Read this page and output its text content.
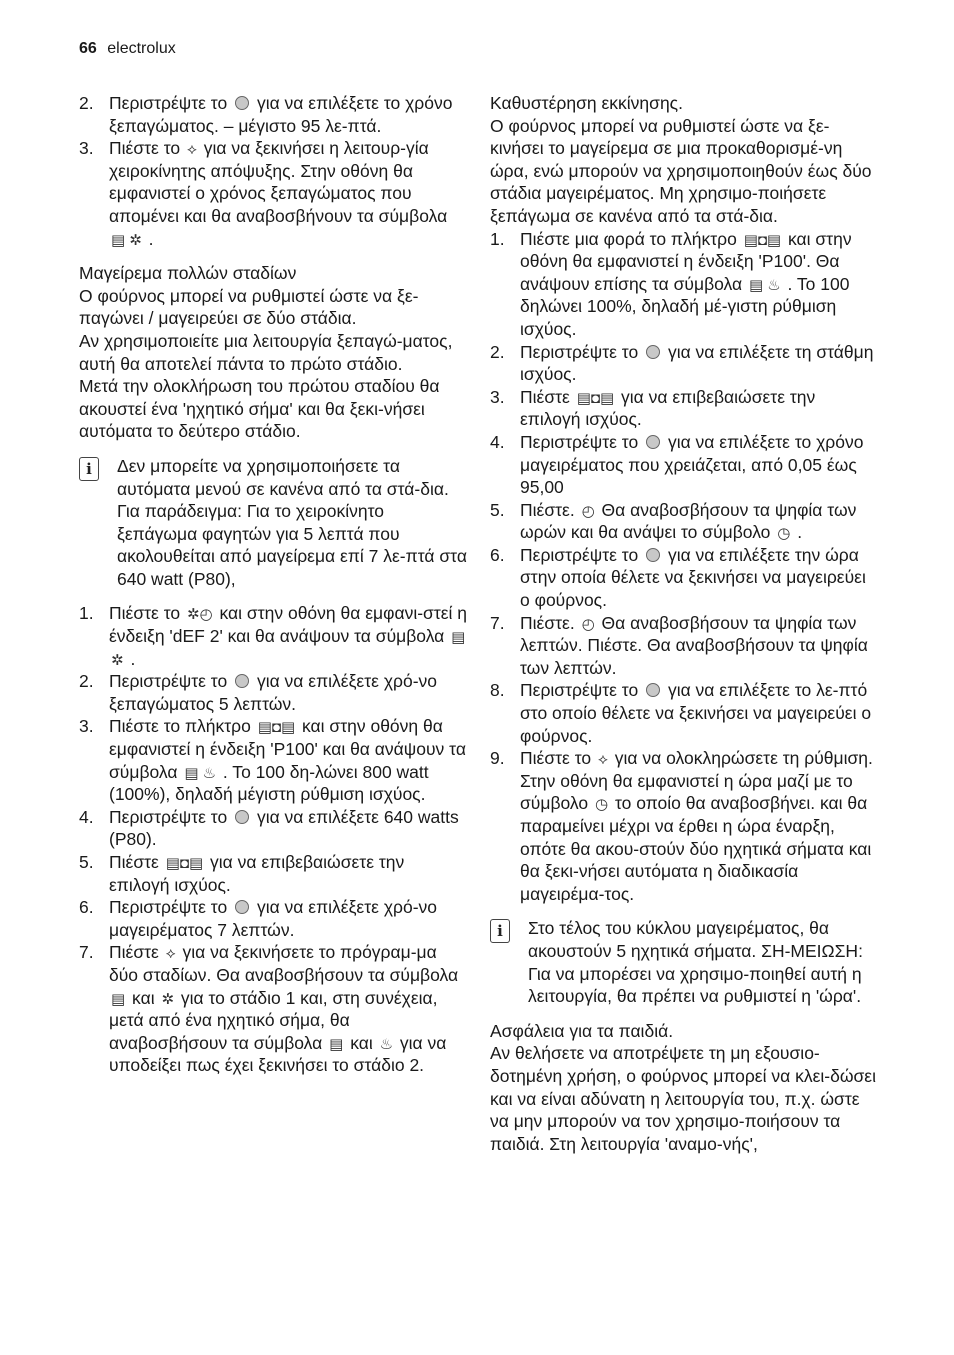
66 electrolux
2. Περιστρέψτε το  για να επιλέξετε το χρόνο ξεπαγώματος. – μέγιστο 95 λε-πτά.
3. Πιέστε το ⟡ για να ξεκινήσει η λειτουρ-γία χειροκίνητης απόψυξης. Στην οθόνη θα εμφανιστεί ο χρόνος ξεπαγώματος που απομένει και θα αναβοσβήνουν τα σύμβολα ▤ ✲ .

Μαγείρεμα πολλών σταδίων

Ο φούρνος μπορεί να ρυθμιστεί ώστε να ξε-παγώνει / μαγειρεύει σε δύο στάδια.

Αν χρησιμοποιείτε μια λειτουργία ξεπαγώ-ματος, αυτή θα αποτελεί πάντα το πρώτο στάδιο.

Μετά την ολοκλήρωση του πρώτου σταδίου θα ακουστεί ένα 'ηχητικό σήμα' και θα ξεκι-νήσει αυτόματα το δεύτερο στάδιο.

i	Δεν μπορείτε να χρησιμοποιήσετε τα αυτόματα μενού σε κανένα από τα στά-δια. Για παράδειγμα: Για το χειροκίνητο ξεπάγωμα φαγητών για 5 λεπτά που ακολουθείται από μαγείρεμα επί 7 λε-πτά στα 640 watt (P80),

1. Πιέστε το ✲◴ και στην οθόνη θα εμφανι-στεί η ένδειξη 'dEF 2' και θα ανάψουν τα σύμβολα ▤✲ .
2. Περιστρέψτε το  για να επιλέξετε χρό-νο ξεπαγώματος 5 λεπτών.
3. Πιέστε το πλήκτρο ▤◘▤ και στην οθόνη θα εμφανιστεί η ένδειξη 'P100' και θα ανάψουν τα σύμβολα ▤ ♨ . Το 100 δη-λώνει 800 watt (100%), δηλαδή μέγιστη ρύθμιση ισχύος.
4. Περιστρέψτε το  για να επιλέξετε 640 watts (P80).
5. Πιέστε ▤◘▤ για να επιβεβαιώσετε την επιλογή ισχύος.
6. Περιστρέψτε το  για να επιλέξετε χρό-νο μαγειρέματος 7 λεπτών.
7. Πιέστε ⟡ για να ξεκινήσετε το πρόγραμ-μα δύο σταδίων. Θα αναβοσβήσουν τα σύμβολα ▤ και ✲ για το στάδιο 1 και, στη συνέχεια, μετά από ένα ηχητικό σήμα, θα αναβοσβήσουν τα σύμβολα ▤ και ♨ για να υποδείξει πως έχει ξεκινήσει το στάδιο 2.

Καθυστέρηση εκκίνησης.

Ο φούρνος μπορεί να ρυθμιστεί ώστε να ξε-κινήσει το μαγείρεμα σε μια προκαθορισμέ-νη ώρα, ενώ μπορούν να χρησιμοποιηθούν έως δύο στάδια μαγειρέματος. Μη χρησιμο-ποιήσετε ξεπάγωμα σε κανένα από τα στά-δια.

1. Πιέστε μια φορά το πλήκτρο ▤◘▤ και στην οθόνη θα εμφανιστεί η ένδειξη 'P100'. Θα ανάψουν επίσης τα σύμβολα ▤ ♨ . Το 100 δηλώνει 100%, δηλαδή μέ-γιστη ρύθμιση ισχύος.
2. Περιστρέψτε το  για να επιλέξετε τη στάθμη ισχύος.
3. Πιέστε ▤◘▤ για να επιβεβαιώσετε την επιλογή ισχύος.
4. Περιστρέψτε το  για να επιλέξετε το χρόνο μαγειρέματος που χρειάζεται, από 0,05 έως 95,00
5. Πιέστε. ◴ Θα αναβοσβήσουν τα ψηφία των ωρών και θα ανάψει το σύμβολο ◷ .
6. Περιστρέψτε το  για να επιλέξετε την ώρα στην οποία θέλετε να ξεκινήσει να μαγειρεύει ο φούρνος.
7. Πιέστε. ◴ Θα αναβοσβήσουν τα ψηφία των λεπτών. Πιέστε. Θα αναβοσβήσουν τα ψηφία των λεπτών.
8. Περιστρέψτε το  για να επιλέξετε το λε-πτό στο οποίο θέλετε να ξεκινήσει να μαγειρεύει ο φούρνος.
9. Πιέστε το ⟡ για να ολοκληρώσετε τη ρύθμιση. Στην οθόνη θα εμφανιστεί η ώρα μαζί με το σύμβολο ◷ το οποίο θα αναβοσβήνει. και θα παραμείνει μέχρι να έρθει η ώρα έναρξη, οπότε θα ακου-στούν δύο ηχητικά σήματα και θα ξεκι-νήσει αυτόματα η διαδικασία μαγειρέμα-τος.
i	Στο τέλος του κύκλου μαγειρέματος, θα ακουστούν 5 ηχητικά σήματα. ΣΗ-ΜΕΙΩΣΗ: Για να μπορέσει να χρησιμο-ποιηθεί αυτή η λειτουργία, θα πρέπει να ρυθμιστεί η 'ώρα'.

Ασφάλεια για τα παιδιά.

Αν θελήσετε να αποτρέψετε τη μη εξουσιο-δοτημένη χρήση, ο φούρνος μπορεί να κλει-δώσει και να είναι αδύνατη η λειτουργία του, π.χ. ώστε να μην μπορούν να τον χρησιμο-ποιήσουν τα παιδιά. Στη λειτουργία 'αναμο-νής',
